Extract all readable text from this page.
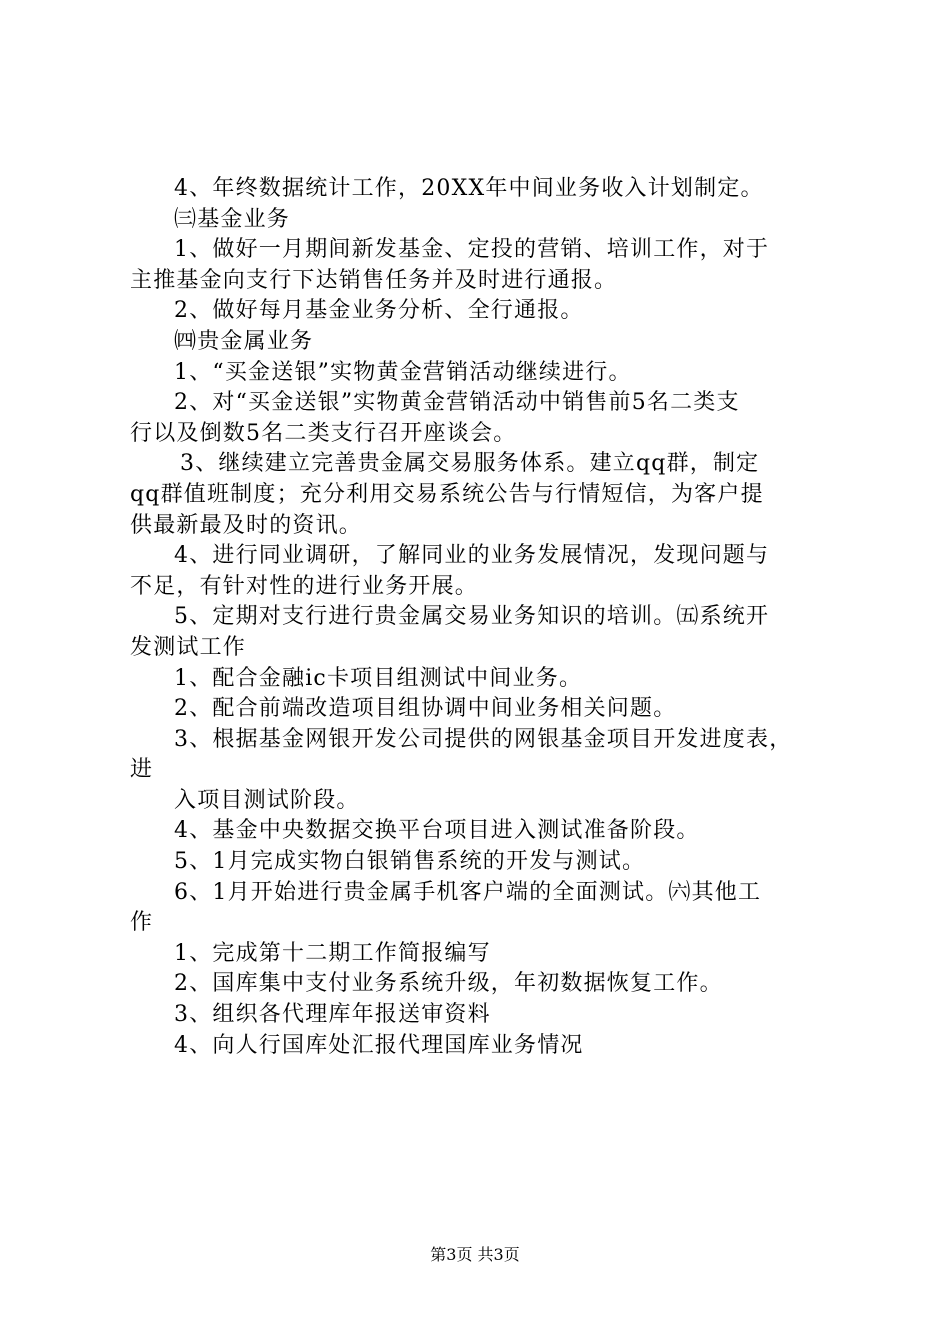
4、年终数据统计工作，20XX年中间业务收入计划制定。
㈢基金业务
1、做好一月期间新发基金、定投的营销、培训工作，对于
主推基金向支行下达销售任务并及时进行通报。
2、做好每月基金业务分析、全行通报。
㈣贵金属业务
1、“买金送银”实物黄金营销活动继续进行。
2、对“买金送银”实物黄金营销活动中销售前5名二类支
行以及倒数5名二类支行召开座谈会。
3、继续建立完善贵金属交易服务体系。建立qq群，制定
qq群值班制度；充分利用交易系统公告与行情短信，为客户提
供最新最及时的资讯。
4、进行同业调研，了解同业的业务发展情况，发现问题与
不足，有针对性的进行业务开展。
5、定期对支行进行贵金属交易业务知识的培训。㈤系统开
发测试工作
1、配合金融ic卡项目组测试中间业务。
2、配合前端改造项目组协调中间业务相关问题。
3、根据基金网银开发公司提供的网银基金项目开发进度表，
进
入项目测试阶段。
4、基金中央数据交换平台项目进入测试准备阶段。
5、1月完成实物白银销售系统的开发与测试。
6、1月开始进行贵金属手机客户端的全面测试。㈥其他工
作
1、完成第十二期工作简报编写
2、国库集中支付业务系统升级，年初数据恢复工作。
3、组织各代理库年报送审资料
4、向人行国库处汇报代理国库业务情况
第3页 共3页
